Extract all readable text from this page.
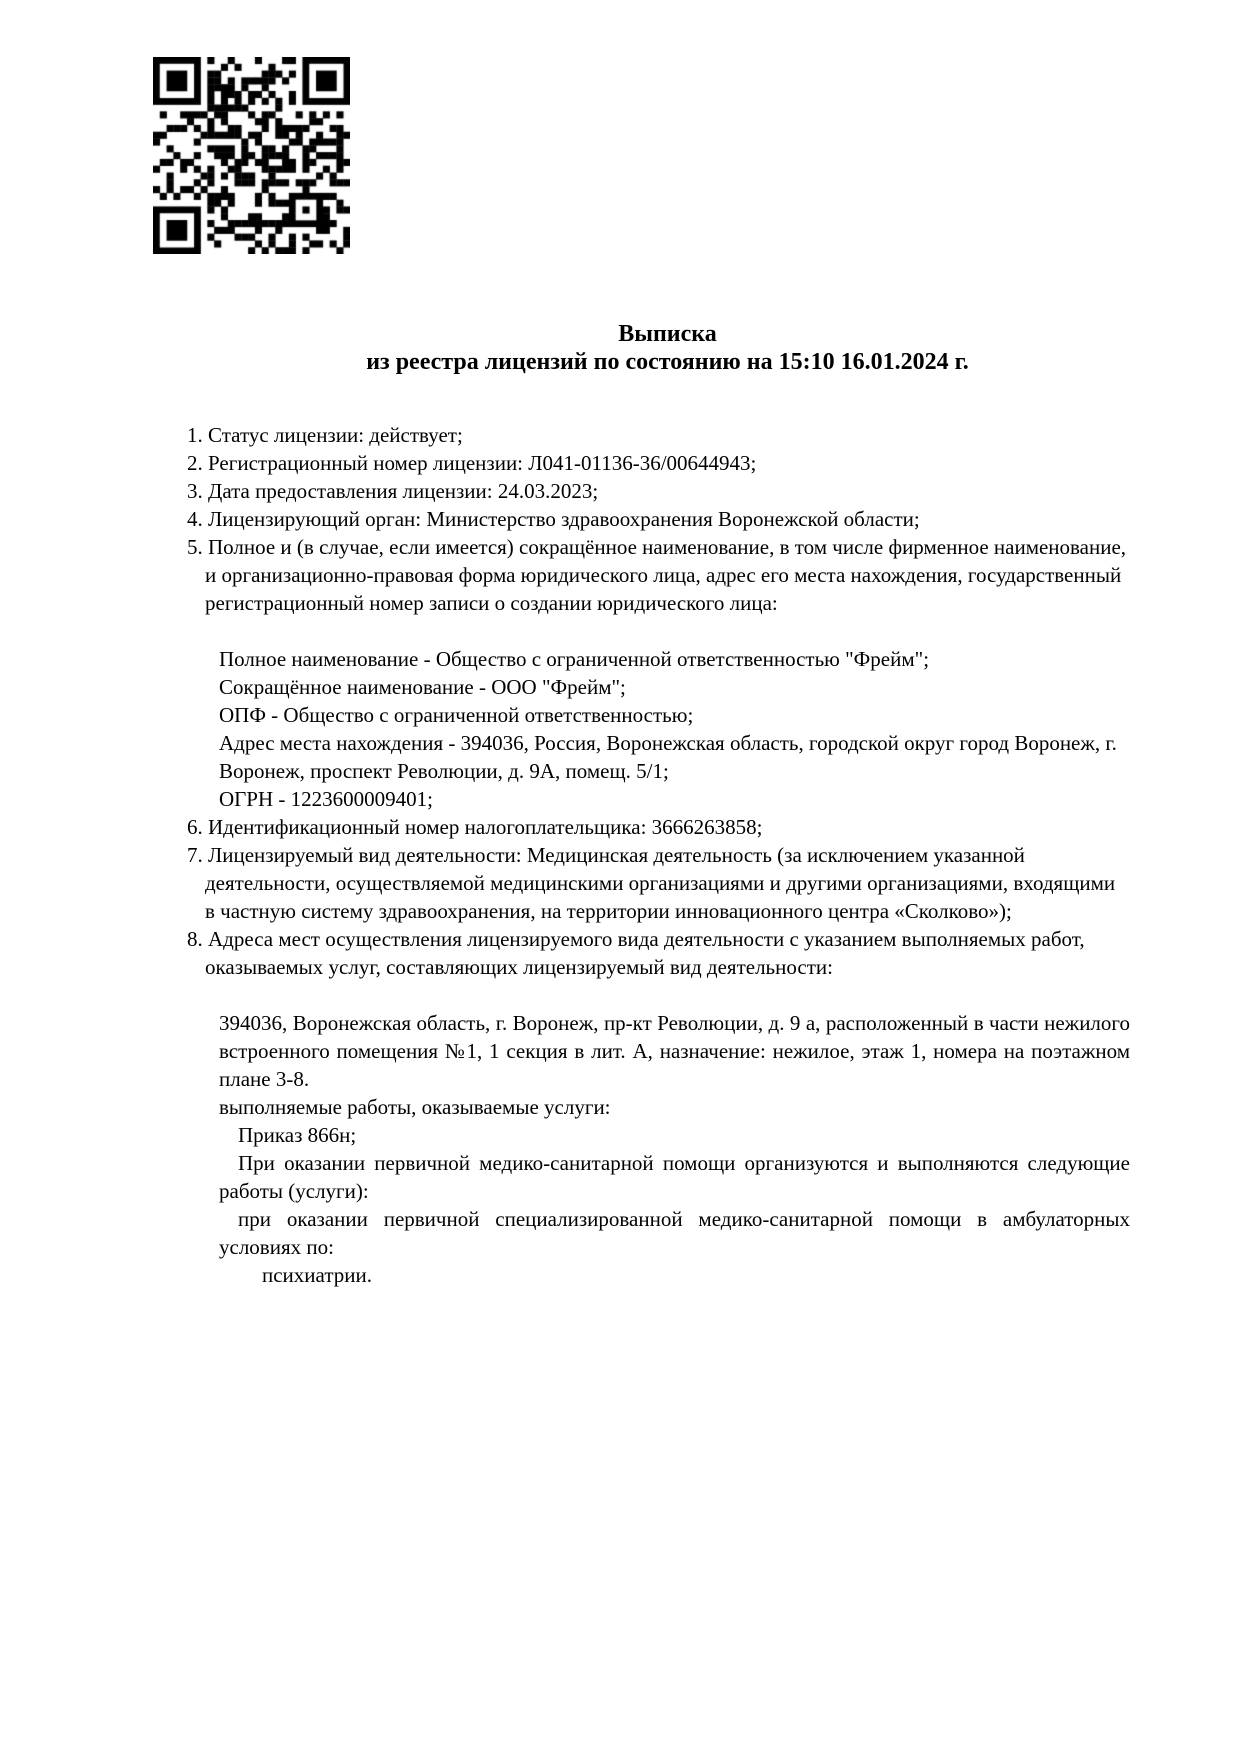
Выписка

из реестра лицензий по состоянию на 15:10 16.01.2024 г.

1. Статус лицензии: действует;

2. Регистрационный номер лицензии: Л041-01136-36/00644943;

3. Дата предоставления лицензии: 24.03.2023;

4. Лицензирующий орган: Министерство здравоохранения Воронежской области;

5. Полное и (в случае, если имеется) сокращённое наименование, в том числе фирменное наименование, и организационно-правовая форма юридического лица, адрес его места нахождения, государственный регистрационный номер записи о создании юридического лица:

Полное наименование - Общество с ограниченной ответственностью "Фрейм";

Сокращённое наименование - ООО "Фрейм";

ОПФ - Общество с ограниченной ответственностью;

Адрес места нахождения - 394036, Россия, Воронежская область, городской округ город Воронеж, г. Воронеж, проспект Революции, д. 9А, помещ. 5/1;

ОГРН - 1223600009401;

6. Идентификационный номер налогоплательщика: 3666263858;

7. Лицензируемый вид деятельности: Медицинская деятельность (за исключением указанной деятельности, осуществляемой медицинскими организациями и другими организациями, входящими в частную систему здравоохранения, на территории инновационного центра «Сколково»);

8. Адреса мест осуществления лицензируемого вида деятельности с указанием выполняемых работ, оказываемых услуг, составляющих лицензируемый вид деятельности:

394036, Воронежская область, г. Воронеж, пр-кт Революции, д. 9 а, расположенный в части нежилого встроенного помещения №1, 1 секция в лит. А, назначение: нежилое, этаж 1, номера на поэтажном плане 3-8.

выполняемые работы, оказываемые услуги:

Приказ 866н;

При оказании первичной медико-санитарной помощи организуются и выполняются следующие работы (услуги):

при оказании первичной специализированной медико-санитарной помощи в амбулаторных условиях по:

психиатрии.
